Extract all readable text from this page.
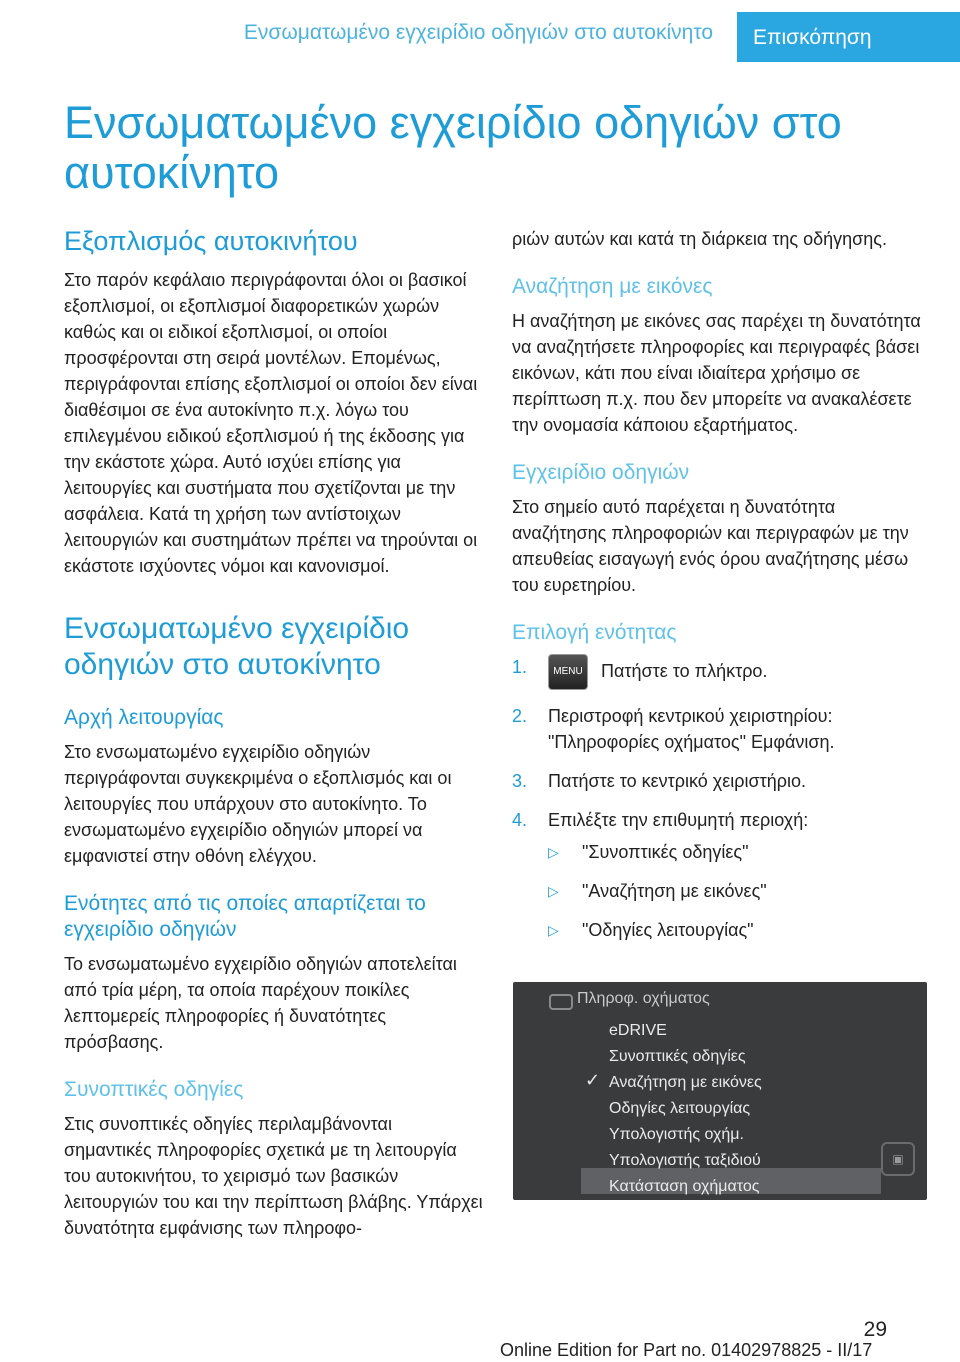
Ενσωματωμένο εγχειρίδιο οδηγιών στο αυτοκίνητο	Επισκόπηση
Ενσωματωμένο εγχειρίδιο οδηγιών στο αυτοκίνητο
Εξοπλισμός αυτοκινήτου

Στο παρόν κεφάλαιο περιγράφονται όλοι οι βασικοί εξοπλισμοί, οι εξοπλισμοί διαφορετικών χωρών καθώς και οι ειδικοί εξοπλισμοί, οι οποίοι προσφέρονται στη σειρά μοντέλων. Επομένως, περιγράφονται επίσης εξοπλισμοί οι οποίοι δεν είναι διαθέσιμοι σε ένα αυτοκίνητο π.χ. λόγω του επιλεγμένου ειδικού εξοπλισμού ή της έκδοσης για την εκάστοτε χώρα. Αυτό ισχύει επίσης για λειτουργίες και συστήματα που σχετίζονται με την ασφάλεια. Κατά τη χρήση των αντίστοιχων λειτουργιών και συστημάτων πρέπει να τηρούνται οι εκάστοτε ισχύοντες νόμοι και κανονισμοί.

Ενσωματωμένο εγχειρίδιο οδηγιών στο αυτοκίνητο
Αρχή λειτουργίας

Στο ενσωματωμένο εγχειρίδιο οδηγιών περιγράφονται συγκεκριμένα ο εξοπλισμός και οι λειτουργίες που υπάρχουν στο αυτοκίνητο. Το ενσωματωμένο εγχειρίδιο οδηγιών μπορεί να εμφανιστεί στην οθόνη ελέγχου.

Ενότητες από τις οποίες απαρτίζεται το εγχειρίδιο οδηγιών

Το ενσωματωμένο εγχειρίδιο οδηγιών αποτελείται από τρία μέρη, τα οποία παρέχουν ποικίλες λεπτομερείς πληροφορίες ή δυνατότητες πρόσβασης.

Συνοπτικές οδηγίες

Στις συνοπτικές οδηγίες περιλαμβάνονται σημαντικές πληροφορίες σχετικά με τη λειτουργία του αυτοκινήτου, το χειρισμό των βασικών λειτουργιών του και την περίπτωση βλάβης. Υπάρχει δυνατότητα εμφάνισης των πληροφο-

ριών αυτών και κατά τη διάρκεια της οδήγησης.

Αναζήτηση με εικόνες

Η αναζήτηση με εικόνες σας παρέχει τη δυνατότητα να αναζητήσετε πληροφορίες και περιγραφές βάσει εικόνων, κάτι που είναι ιδιαίτερα χρήσιμο σε περίπτωση π.χ. που δεν μπορείτε να ανακαλέσετε την ονομασία κάποιου εξαρτήματος.

Εγχειρίδιο οδηγιών

Στο σημείο αυτό παρέχεται η δυνατότητα αναζήτησης πληροφοριών και περιγραφών με την απευθείας εισαγωγή ενός όρου αναζήτησης μέσω του ευρετηρίου.

Επιλογή ενότητας
1.	MENU Πατήστε το πλήκτρο.
2. Περιστροφή κεντρικού χειριστηρίου: "Πληροφορίες οχήματος" Εμφάνιση.
3. Πατήστε το κεντρικό χειριστήριο.
4. Επιλέξτε την επιθυμητή περιοχή:
▷ "Συνοπτικές οδηγίες"
▷ "Αναζήτηση με εικόνες"
▷ "Οδηγίες λειτουργίας"
Πληροφ. οχήματος
✓
eDRIVE
Συνοπτικές οδηγίες
Αναζήτηση με εικόνες
Οδηγίες λειτουργίας
Υπολογιστής οχήμ.
Υπολογιστής ταξιδιού
Κατάσταση οχήματος
▣
29
Online Edition for Part no. 01402978825 - II/17
